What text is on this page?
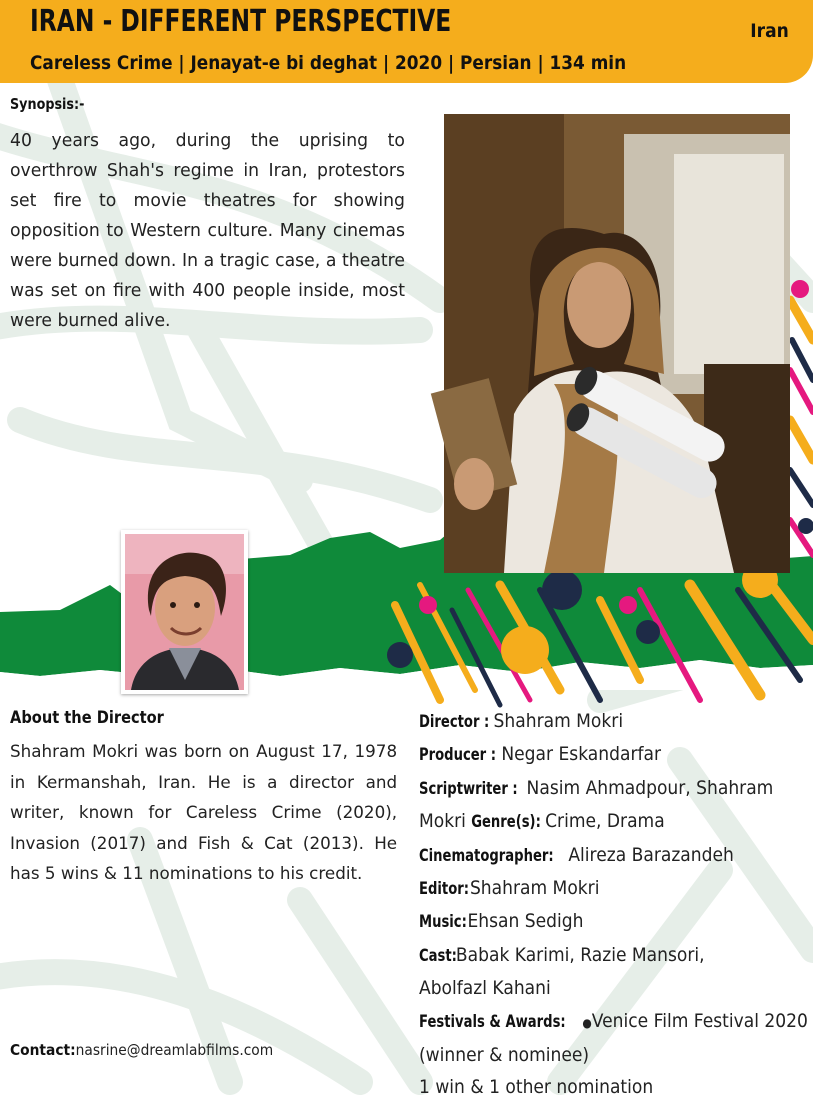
IRAN - DIFFERENT PERSPECTIVE	Iran
Careless Crime | Jenayat-e bi deghat | 2020 | Persian | 134 min
Synopsis:-
40 years ago, during the uprising to overthrow Shah's regime in Iran, protestors set fire to movie theatres for showing opposition to Western culture. Many cinemas were burned down. In a tragic case, a theatre was set on fire with 400 people inside, most were burned alive.
About the Director
Shahram Mokri was born on August 17, 1978 in Kermanshah, Iran. He is a director and writer, known for Careless Crime (2020), Invasion (2017) and Fish & Cat (2013). He has 5 wins & 11 nominations to his credit.
Director :Shahram Mokri
Producer :Negar Eskandarfar
Scriptwriter :Nasim Ahmadpour, Shahram
Mokri Genre(s):Crime, Drama
Cinematographer:Alireza Barazandeh
Editor:Shahram Mokri
Music:Ehsan Sedigh
Cast:Babak Karimi, Razie Mansori,
Abolfazl Kahani
Festivals & Awards: ●Venice Film Festival 2020
(winner & nominee)
1 win & 1 other nomination
Contact:nasrine@dreamlabfilms.com
